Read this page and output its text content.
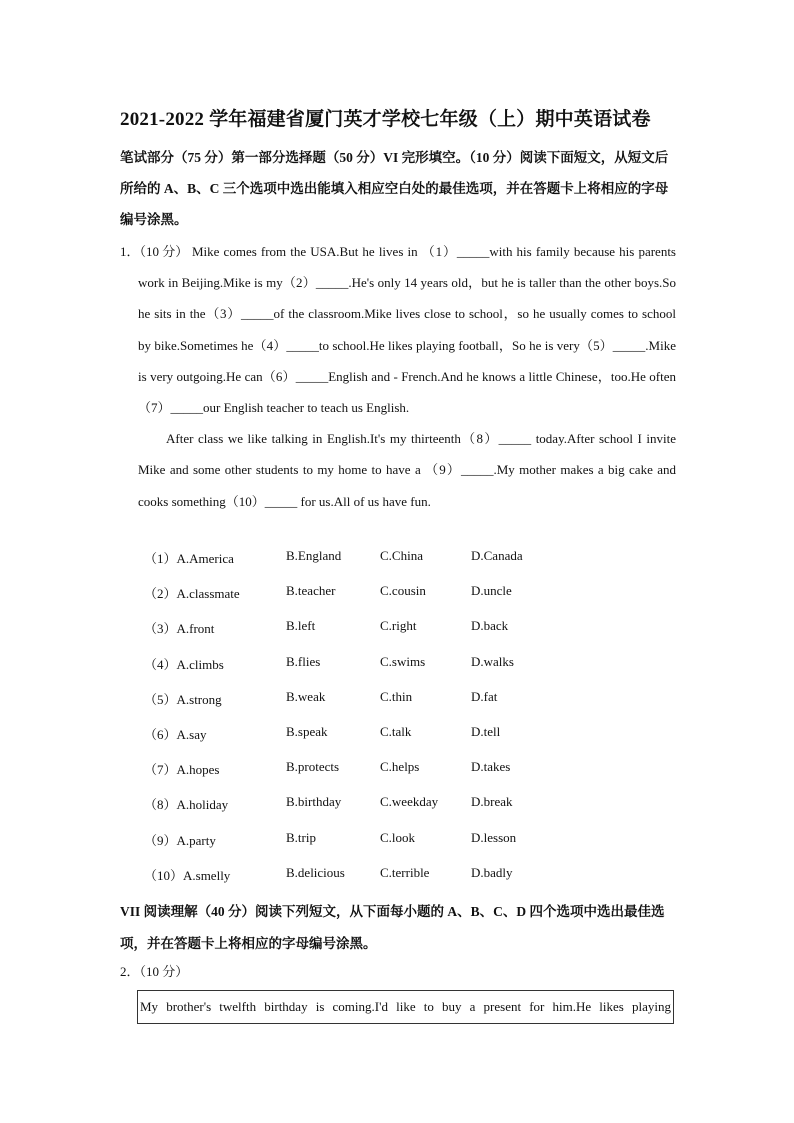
2021-2022 学年福建省厦门英才学校七年级（上）期中英语试卷
笔试部分（75 分）第一部分选择题（50 分）VI 完形填空。（10 分）阅读下面短文，从短文后所给的 A、B、C 三个选项中选出能填入相应空白处的最佳选项，并在答题卡上将相应的字母编号涂黑。
1．（10 分） Mike comes from the USA.But he lives in （1）_____with his family because his parents work in Beijing.Mike is my（2）_____.He's only 14 years old，but he is taller than the other boys.So he sits in the（3）_____of the classroom.Mike lives close to school，so he usually comes to school by bike.Sometimes he（4）_____to school.He likes playing football，So he is very（5）_____.Mike is very outgoing.He can（6）_____English and - French.And he knows a little Chinese，too.He often （7）_____our English teacher to teach us English.
After class we like talking in English.It's my thirteenth（8）_____ today.After school I invite Mike and some other students to my home to have a （9）_____.My mother makes a big cake and cooks something（10）_____ for us.All of us have fun.
（1）A.America	B.England	C.China	D.Canada
（2）A.classmate	B.teacher	C.cousin	D.uncle
（3）A.front	B.left	C.right	D.back
（4）A.climbs	B.flies	C.swims	D.walks
（5）A.strong	B.weak	C.thin	D.fat
（6）A.say	B.speak	C.talk	D.tell
（7）A.hopes	B.protects	C.helps	D.takes
（8）A.holiday	B.birthday	C.weekday	D.break
（9）A.party	B.trip	C.look	D.lesson
（10）A.smelly	B.delicious	C.terrible	D.badly
VII 阅读理解（40 分）阅读下列短文，从下面每小题的 A、B、C、D 四个选项中选出最佳选项，并在答题卡上将相应的字母编号涂黑。
2．（10 分）
My brother's twelfth birthday is coming.I'd like to buy a present for him.He likes playing
